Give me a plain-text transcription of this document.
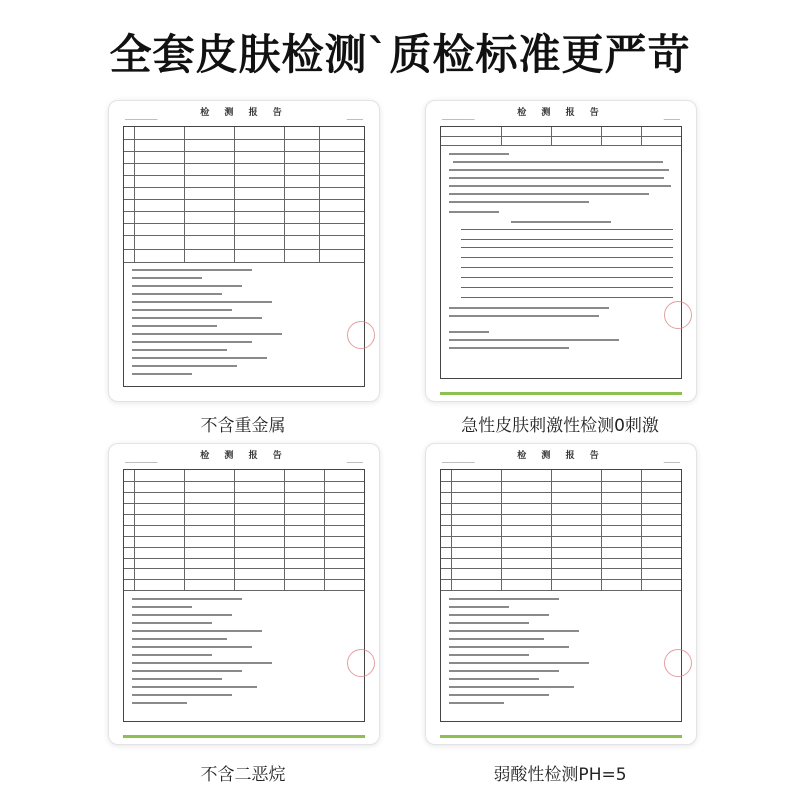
全套皮肤检测`质检标准更严苛
检 测 报 告
────────────	──────
不含重金属
检 测 报 告
────────────	──────
急性皮肤刺激性检测0刺激
检 测 报 告
────────────	──────
不含二恶烷
检 测 报 告
────────────	──────
弱酸性检测PH=5
